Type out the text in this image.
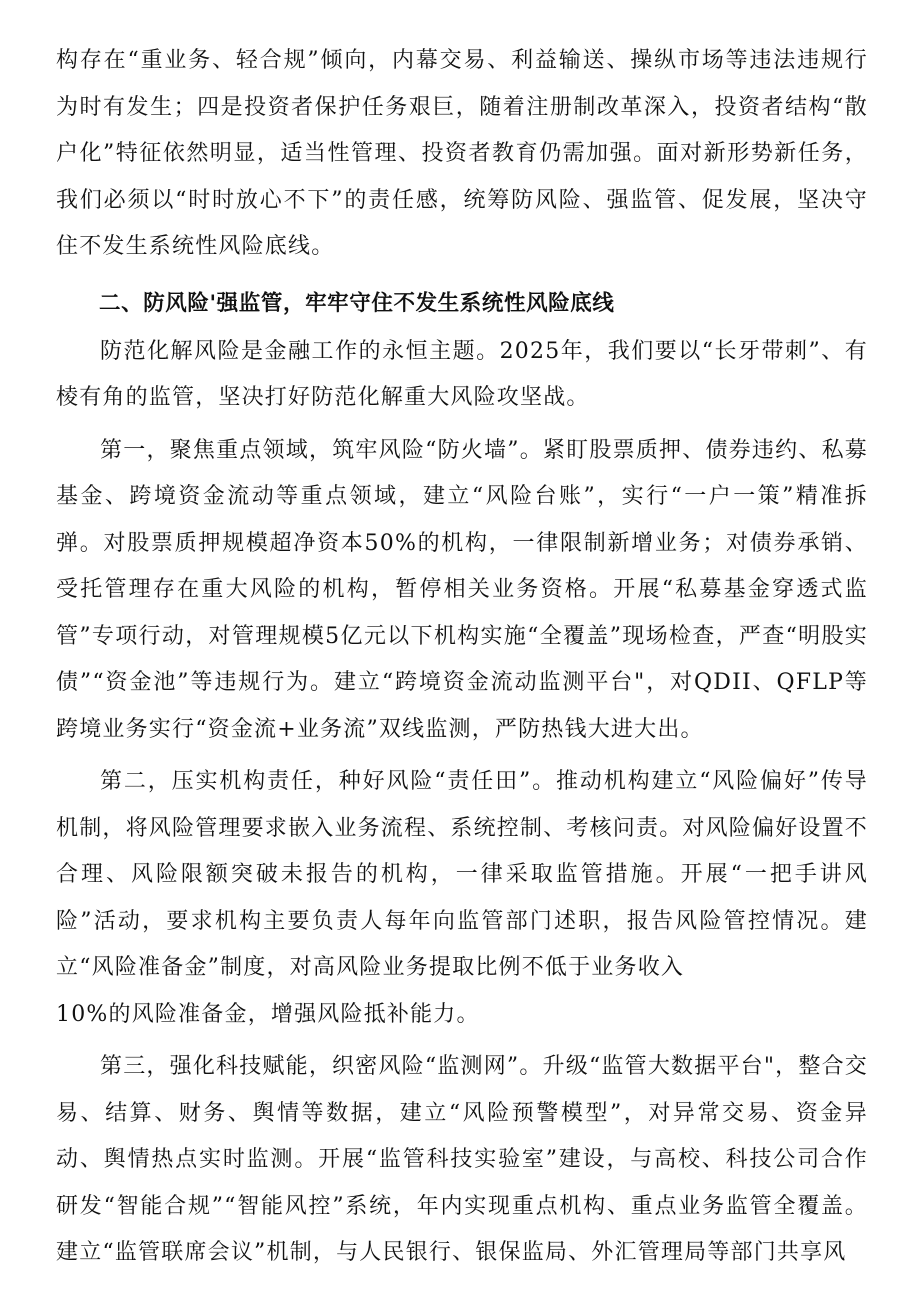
构存在“重业务、轻合规”倾向，内幕交易、利益输送、操纵市场等违法违规行为时有发生；四是投资者保护任务艰巨，随着注册制改革深入，投资者结构“散户化”特征依然明显，适当性管理、投资者教育仍需加强。面对新形势新任务，我们必须以“时时放心不下”的责任感，统筹防风险、强监管、促发展，坚决守住不发生系统性风险底线。

二、防风险'强监管，牢牢守住不发生系统性风险底线

防范化解风险是金融工作的永恒主题。2025年，我们要以“长牙带刺”、有棱有角的监管，坚决打好防范化解重大风险攻坚战。

第一，聚焦重点领域，筑牢风险“防火墙”。紧盯股票质押、债券违约、私募基金、跨境资金流动等重点领域，建立“风险台账”，实行“一户一策”精准拆弹。对股票质押规模超净资本50%的机构，一律限制新增业务；对债券承销、受托管理存在重大风险的机构，暂停相关业务资格。开展“私募基金穿透式监管”专项行动，对管理规模5亿元以下机构实施“全覆盖”现场检查，严查“明股实债”“资金池”等违规行为。建立“跨境资金流动监测平台"，对QDII、QFLP等跨境业务实行“资金流+业务流”双线监测，严防热钱大进大出。

第二，压实机构责任，种好风险“责任田”。推动机构建立“风险偏好”传导机制，将风险管理要求嵌入业务流程、系统控制、考核问责。对风险偏好设置不合理、风险限额突破未报告的机构，一律采取监管措施。开展“一把手讲风险”活动，要求机构主要负责人每年向监管部门述职，报告风险管控情况。建立“风险准备金”制度，对高风险业务提取比例不低于业务收入

10%的风险准备金，增强风险抵补能力。

第三，强化科技赋能，织密风险“监测网”。升级“监管大数据平台"，整合交易、结算、财务、舆情等数据，建立“风险预警模型”，对异常交易、资金异动、舆情热点实时监测。开展“监管科技实验室”建设，与高校、科技公司合作研发“智能合规”“智能风控”系统，年内实现重点机构、重点业务监管全覆盖。建立“监管联席会议”机制，与人民银行、银保监局、外汇管理局等部门共享风
